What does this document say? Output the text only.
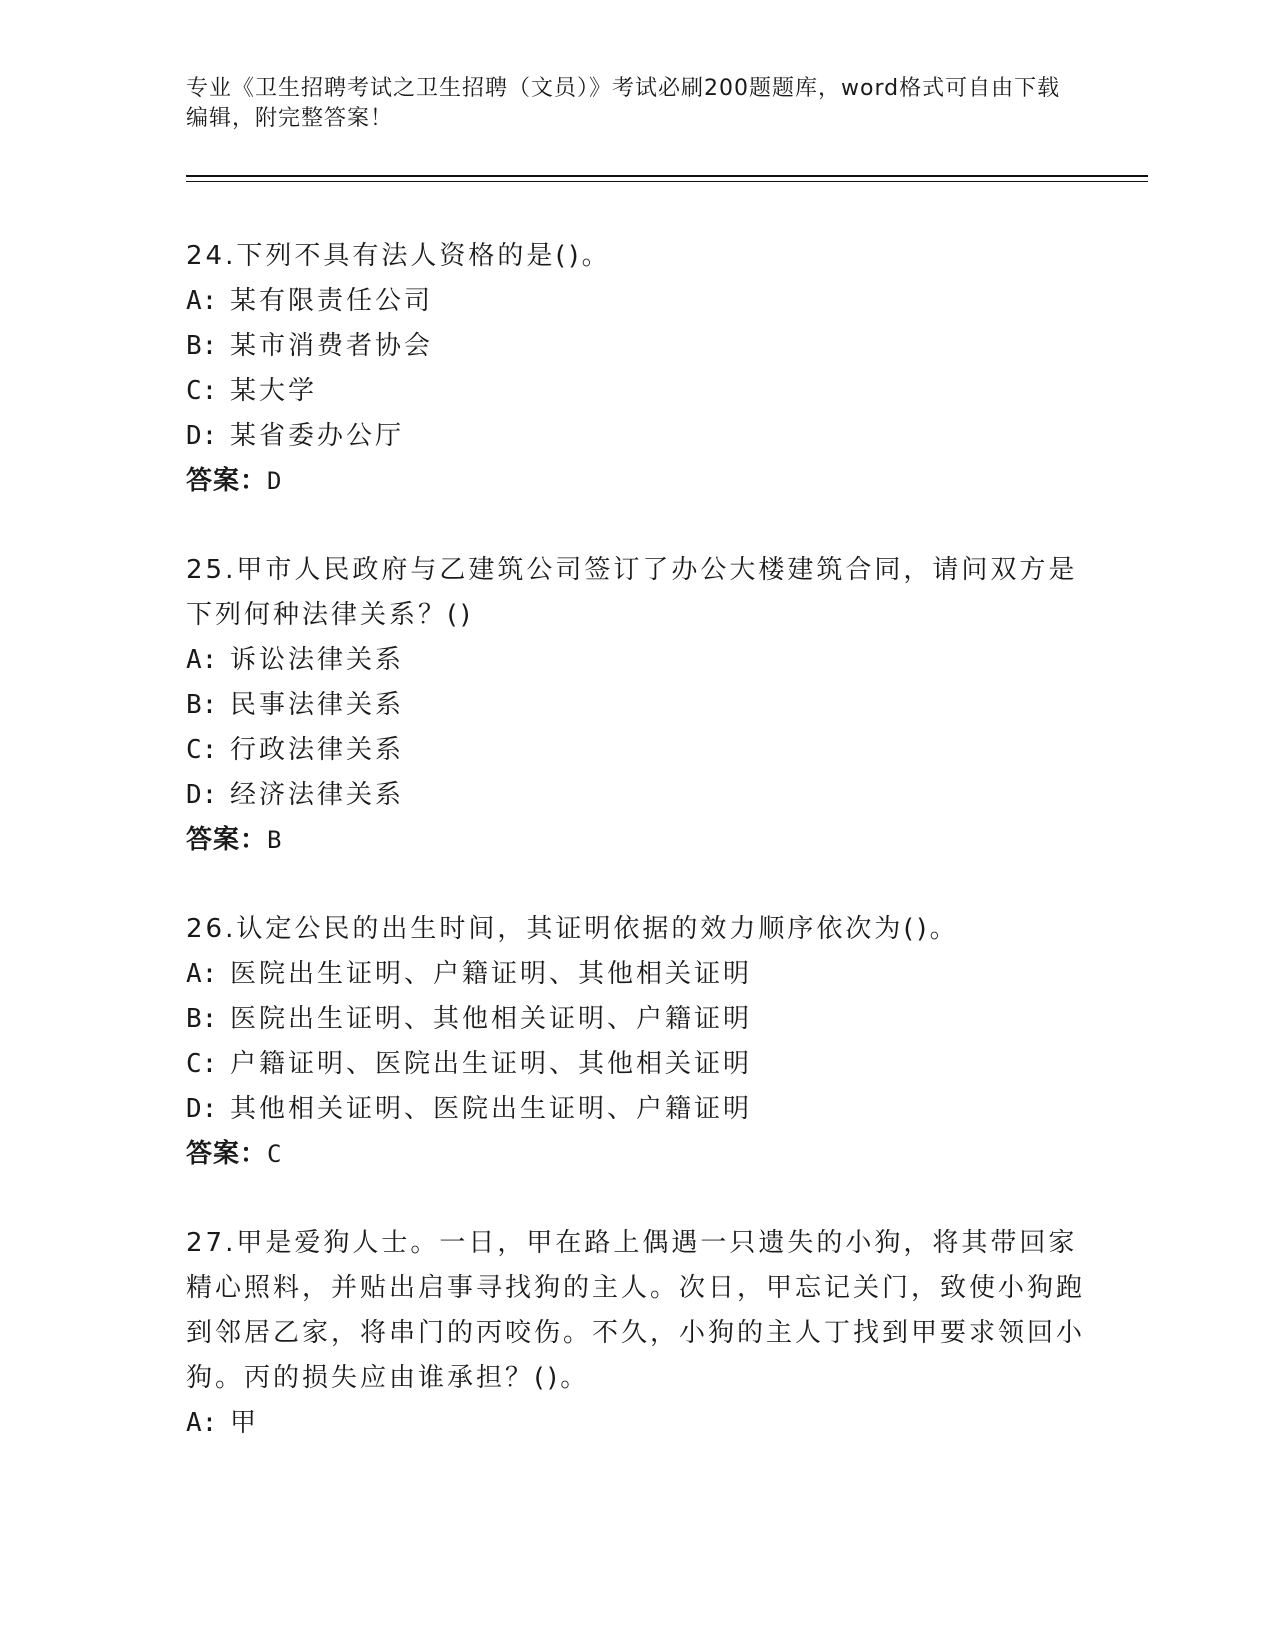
专业《卫生招聘考试之卫生招聘（文员）》考试必刷200题题库，word格式可自由下载编辑，附完整答案！

24.下列不具有法人资格的是()。

A: 某有限责任公司

B: 某市消费者协会

C: 某大学

D: 某省委办公厅

答案：D

25.甲市人民政府与乙建筑公司签订了办公大楼建筑合同，请问双方是下列何种法律关系？()

A: 诉讼法律关系

B: 民事法律关系

C: 行政法律关系

D: 经济法律关系

答案：B

26.认定公民的出生时间，其证明依据的效力顺序依次为()。

A: 医院出生证明、户籍证明、其他相关证明

B: 医院出生证明、其他相关证明、户籍证明

C: 户籍证明、医院出生证明、其他相关证明

D: 其他相关证明、医院出生证明、户籍证明

答案：C

27.甲是爱狗人士。一日，甲在路上偶遇一只遗失的小狗，将其带回家精心照料，并贴出启事寻找狗的主人。次日，甲忘记关门，致使小狗跑到邻居乙家，将串门的丙咬伤。不久，小狗的主人丁找到甲要求领回小狗。丙的损失应由谁承担？()。

A: 甲
